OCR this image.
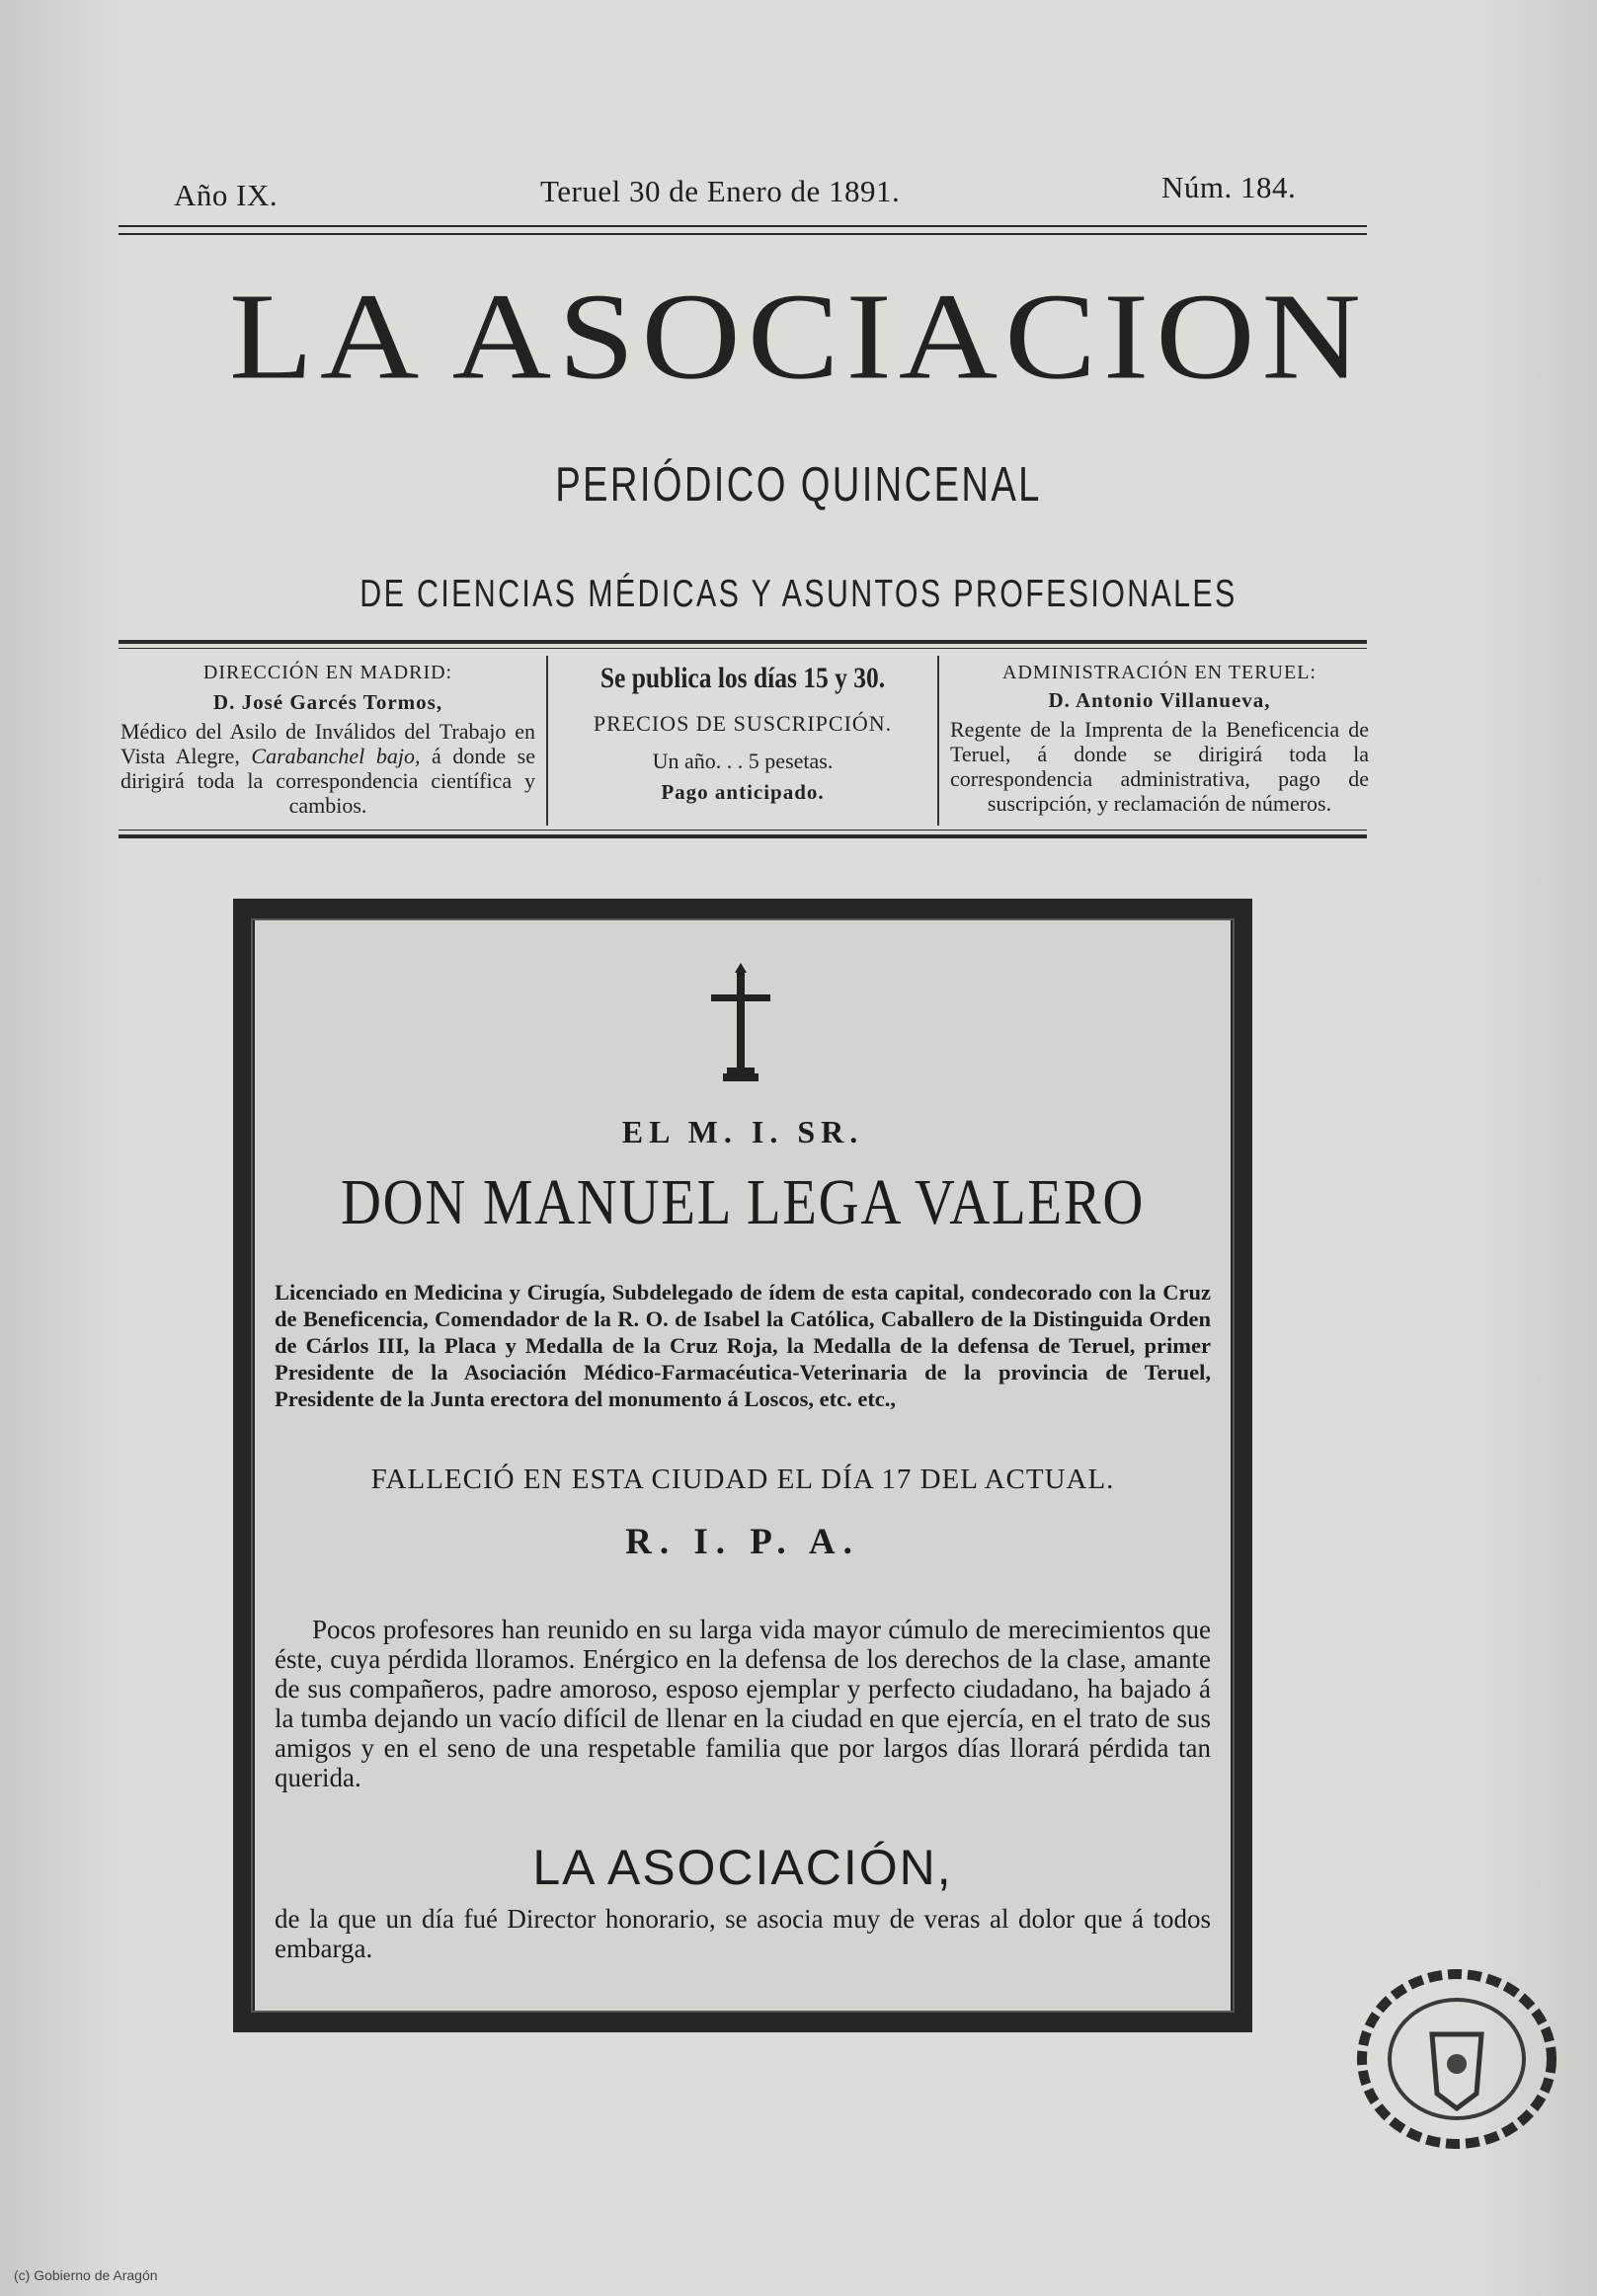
Año IX.	Teruel 30 de Enero de 1891.	Núm. 184.
LA ASOCIACION
PERIÓDICO QUINCENAL
DE CIENCIAS MÉDICAS Y ASUNTOS PROFESIONALES
DIRECCIÓN EN MADRID:
D. José Garcés Tormos,
Médico del Asilo de Inválidos del Trabajo en Vista Alegre, Carabanchel bajo, á donde se dirigirá toda la correspondencia científica y cambios.
Se publica los días 15 y 30.
PRECIOS DE SUSCRIPCIÓN.
Un año. . . 5 pesetas.
Pago anticipado.
ADMINISTRACIÓN EN TERUEL:
D. Antonio Villanueva,
Regente de la Imprenta de la Beneficencia de Teruel, á donde se dirigirá toda la correspondencia administrativa, pago de suscripción, y reclamación de números.
EL M. I. SR.
DON MANUEL LEGA VALERO
Licenciado en Medicina y Cirugía, Subdelegado de ídem de esta capital, condecorado con la Cruz de Beneficencia, Comendador de la R. O. de Isabel la Católica, Caballero de la Distinguida Orden de Cárlos III, la Placa y Medalla de la Cruz Roja, la Medalla de la defensa de Teruel, primer Presidente de la Asociación Médico-Farmacéutica-Veterinaria de la provincia de Teruel, Presidente de la Junta erectora del monumento á Loscos, etc. etc.,
FALLECIÓ EN ESTA CIUDAD EL DÍA 17 DEL ACTUAL.
R. I. P. A.
Pocos profesores han reunido en su larga vida mayor cúmulo de merecimientos que éste, cuya pérdida lloramos. Enérgico en la defensa de los derechos de la clase, amante de sus compañeros, padre amoroso, esposo ejemplar y perfecto ciudadano, ha bajado á la tumba dejando un vacío difícil de llenar en la ciudad en que ejercía, en el trato de sus amigos y en el seno de una respetable familia que por largos días llorará pérdida tan querida.
LA ASOCIACIÓN,
de la que un día fué Director honorario, se asocia muy de veras al dolor que á todos embarga.
(c) Gobierno de Aragón
